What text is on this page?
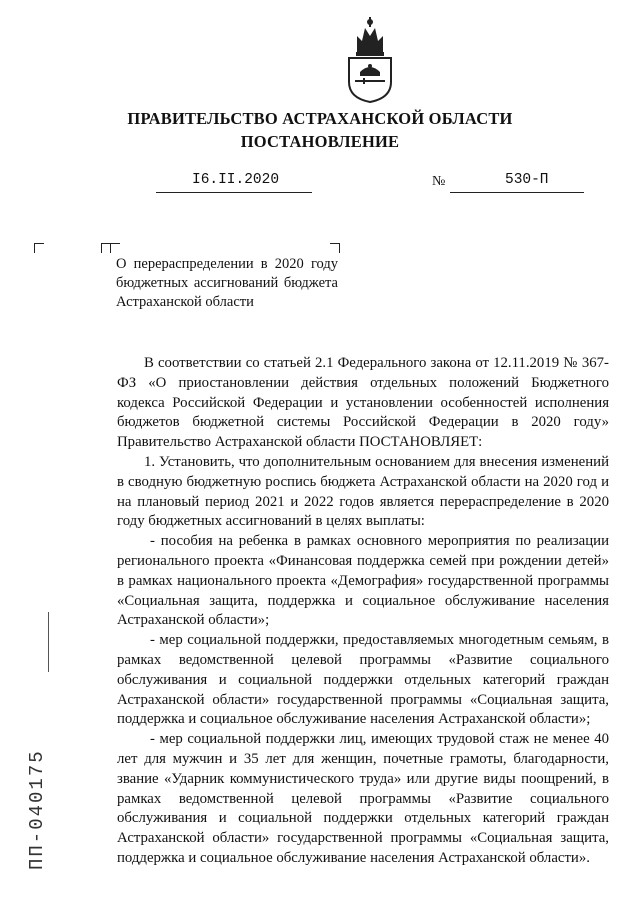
ПРАВИТЕЛЬСТВО АСТРАХАНСКОЙ ОБЛАСТИ
ПОСТАНОВЛЕНИЕ
I6.II.2020	№	530-П
О перераспределении в 2020 году бюджетных ассигнований бюджета Астраханской области

В соответствии со статьей 2.1 Федерального закона от 12.11.2019 № 367-ФЗ «О приостановлении действия отдельных положений Бюджетного кодекса Российской Федерации и установлении особенностей исполнения бюджетов бюджетной системы Российской Федерации в 2020 году» Правительство Астраханской области ПОСТАНОВЛЯЕТ:

1. Установить, что дополнительным основанием для внесения изменений в сводную бюджетную роспись бюджета Астраханской области на 2020 год и на плановый период 2021 и 2022 годов является перераспределение в 2020 году бюджетных ассигнований в целях выплаты:

- пособия на ребенка в рамках основного мероприятия по реализации регионального проекта «Финансовая поддержка семей при рождении детей» в рамках национального проекта «Демография» государственной программы «Социальная защита, поддержка и социальное обслуживание населения Астраханской области»;

- мер социальной поддержки, предоставляемых многодетным семьям, в рамках ведомственной целевой программы «Развитие социального обслуживания и социальной поддержки отдельных категорий граждан Астраханской области» государственной программы «Социальная защита, поддержка и социальное обслуживание населения Астраханской области»;

- мер социальной поддержки лиц, имеющих трудовой стаж не менее 40 лет для мужчин и 35 лет для женщин, почетные грамоты, благодарности, звание «Ударник коммунистического труда» или другие виды поощрений, в рамках ведомственной целевой программы «Развитие социального обслуживания и социальной поддержки отдельных категорий граждан Астраханской области» государственной программы «Социальная защита, поддержка и социальное обслуживание населения Астраханской области».

ПП-040175
